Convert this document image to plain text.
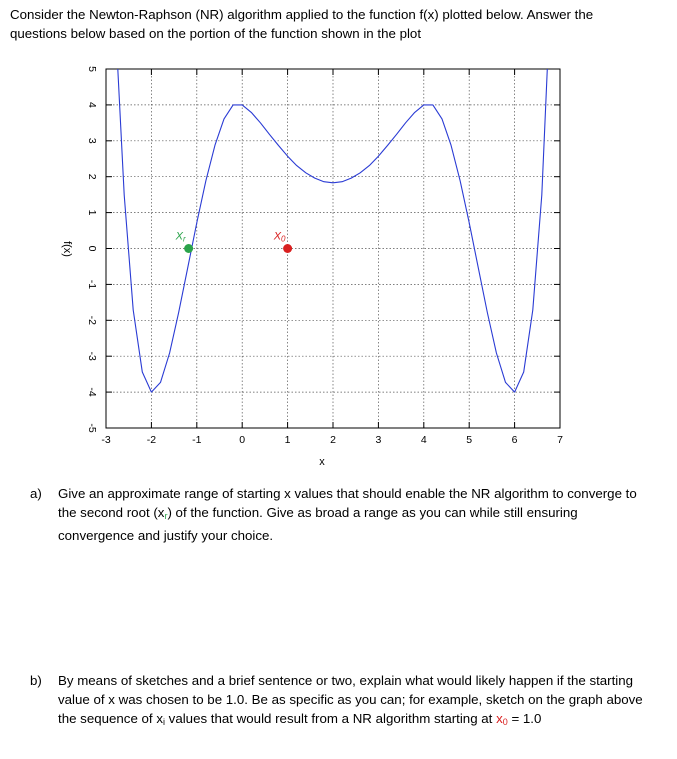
Consider the Newton-Raphson (NR) algorithm applied to the function f(x) plotted below. Answer the questions below based on the portion of the function shown in the plot
-3	-2	-1	0	1	2	3	4	5	6	7
-5
-4
-3
-2
-1
0
1
2
3
4
5
x
f(x)
Xr	X0
a) Give an approximate range of starting x values that should enable the NR algorithm to converge to the second root $(x_r)$ of the function. Give as broad a range as you can while still ensuring convergence and justify your choice.
b) By means of sketches and a brief sentence or two, explain what would likely happen if the starting value of x was chosen to be 1.0. Be as specific as you can; for example, sketch on the graph above the sequence of $x_i$ values that would result from a NR algorithm starting at $x_0 = 1.0$
